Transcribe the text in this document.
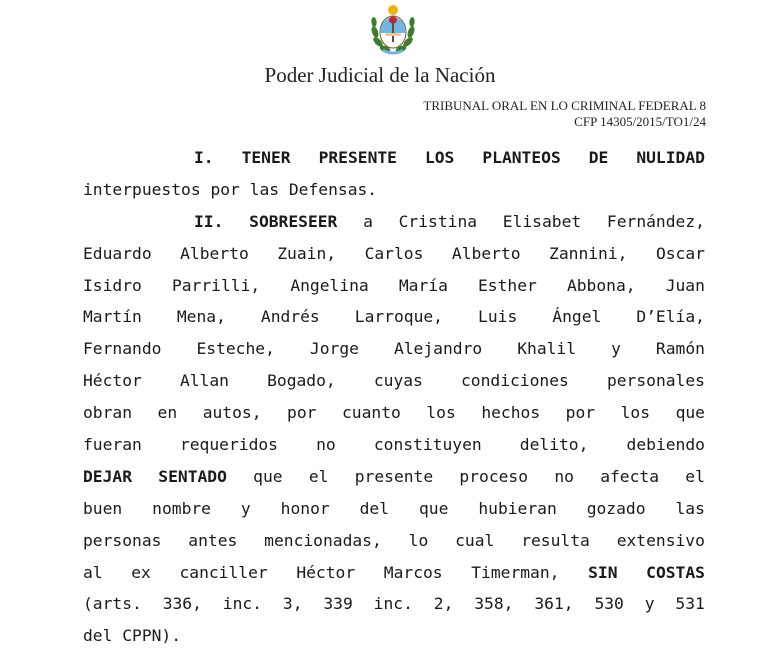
Poder Judicial de la Nación
TRIBUNAL ORAL EN LO CRIMINAL FEDERAL 8
CFP 14305/2015/TO1/24
I. TENER PRESENTE LOS PLANTEOS DE NULIDAD
interpuestos por las Defensas.
II. SOBRESEER a Cristina Elisabet Fernández,
Eduardo Alberto Zuain, Carlos Alberto Zannini, Oscar
Isidro Parrilli, Angelina María Esther Abbona, Juan
Martín Mena, Andrés Larroque, Luis Ángel D’Elía,
Fernando Esteche, Jorge Alejandro Khalil y Ramón
Héctor Allan Bogado, cuyas condiciones personales
obran en autos, por cuanto los hechos por los que
fueran requeridos no constituyen delito, debiendo
DEJAR SENTADO que el presente proceso no afecta el
buen nombre y honor del que hubieran gozado las
personas antes mencionadas, lo cual resulta extensivo
al ex canciller Héctor Marcos Timerman, SIN COSTAS
(arts. 336, inc. 3, 339 inc. 2, 358, 361, 530 y 531
del CPPN).
